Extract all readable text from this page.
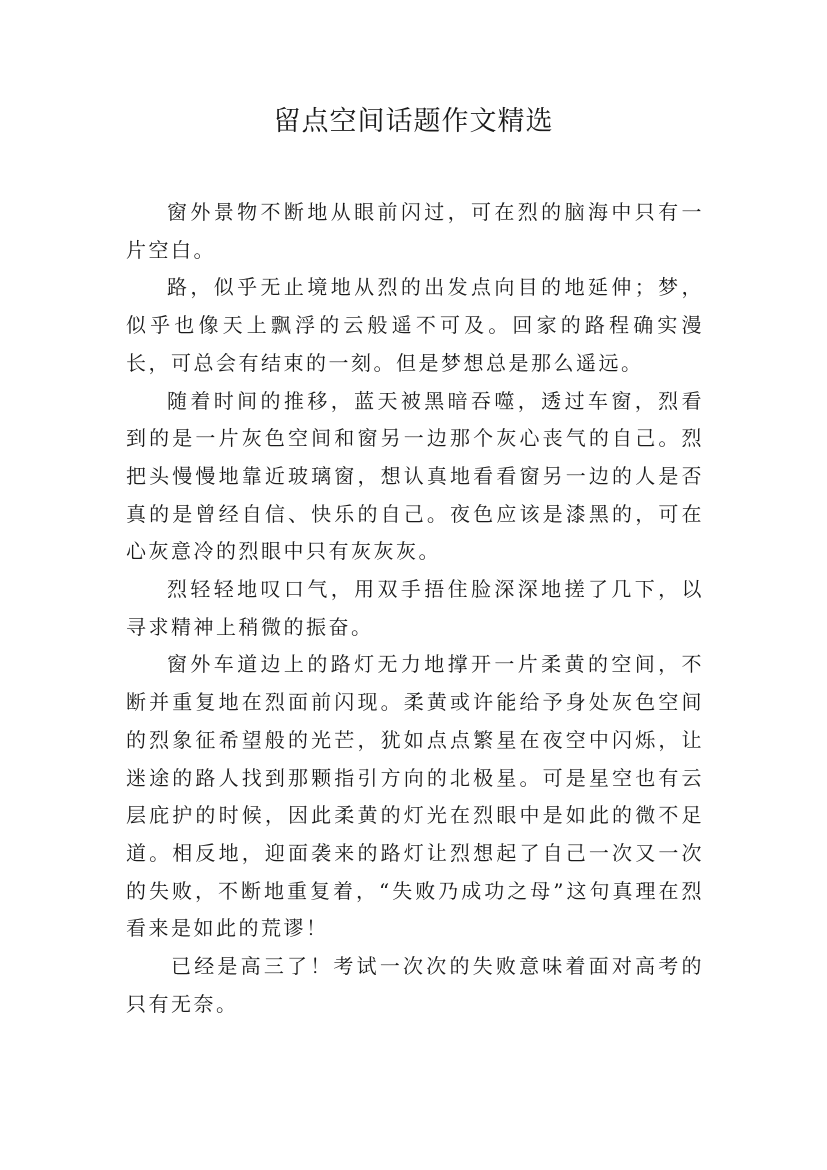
留点空间话题作文精选

窗外景物不断地从眼前闪过，可在烈的脑海中只有一片空白。

路，似乎无止境地从烈的出发点向目的地延伸；梦，似乎也像天上飘浮的云般遥不可及。回家的路程确实漫长，可总会有结束的一刻。但是梦想总是那么遥远。

随着时间的推移，蓝天被黑暗吞噬，透过车窗，烈看到的是一片灰色空间和窗另一边那个灰心丧气的自己。烈把头慢慢地靠近玻璃窗，想认真地看看窗另一边的人是否真的是曾经自信、快乐的自己。夜色应该是漆黑的，可在心灰意冷的烈眼中只有灰灰灰。

烈轻轻地叹口气，用双手捂住脸深深地搓了几下，以寻求精神上稍微的振奋。

窗外车道边上的路灯无力地撑开一片柔黄的空间，不断并重复地在烈面前闪现。柔黄或许能给予身处灰色空间的烈象征希望般的光芒，犹如点点繁星在夜空中闪烁，让迷途的路人找到那颗指引方向的北极星。可是星空也有云层庇护的时候，因此柔黄的灯光在烈眼中是如此的微不足道。相反地，迎面袭来的路灯让烈想起了自己一次又一次的失败，不断地重复着，“失败乃成功之母”这句真理在烈看来是如此的荒谬！

已经是高三了！考试一次次的失败意味着面对高考的只有无奈。
